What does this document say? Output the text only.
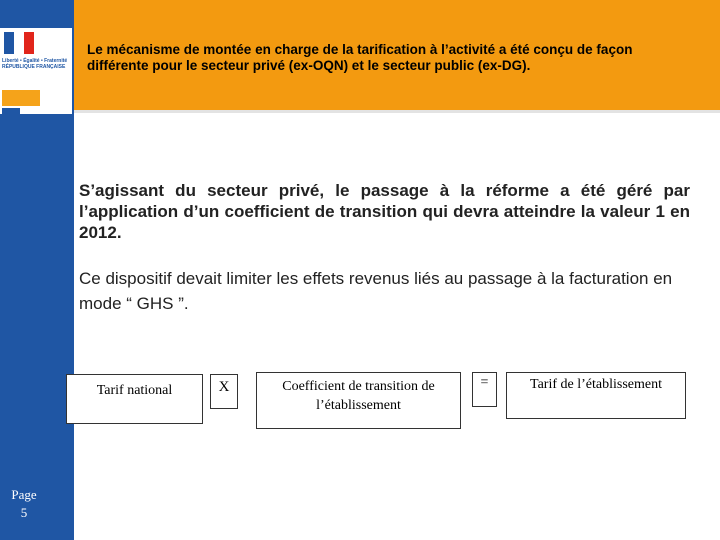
Liberté • Égalité • Fraternité
RÉPUBLIQUE FRANÇAISE

Le mécanisme de montée en charge de la tarification à l’activité a été conçu de façon différente pour le secteur privé (ex-OQN) et le secteur public (ex-DG).

S’agissant du secteur privé, le passage à la réforme a été géré par l’application d’un coefficient de transition qui devra atteindre la valeur 1 en 2012.

Ce dispositif devait limiter les effets revenus liés au passage à la facturation en mode “ GHS ”.

Tarif national	X	Coefficient de transition de l’établissement
=	Tarif de l’établissement
Page
5
